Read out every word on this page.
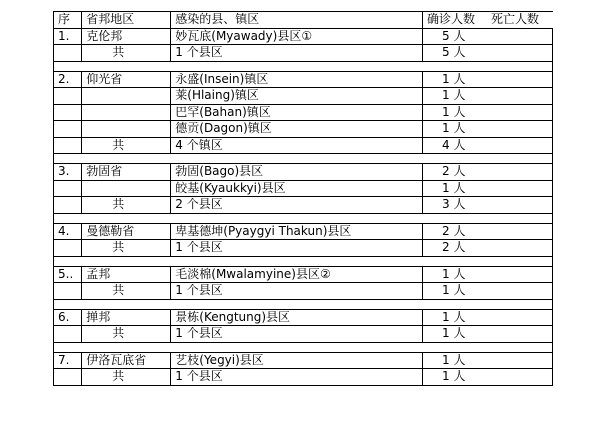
序	省邦地区	感染的县、镇区	确诊人数 死亡人数
1.	克伦邦	妙瓦底(Myawady)县区①	5 人
	共	1 个县区	5 人

2.	仰光省	永盛(Insein)镇区	1 人
		莱(Hlaing)镇区	1 人
		巴罕(Bahan)镇区	1 人
		德贡(Dagon)镇区	1 人
	共	4 个镇区	4 人

3.	勃固省	勃固(Bago)县区	2 人
		皎基(Kyaukkyi)县区	1 人
	共	2 个县区	3 人

4.	曼德勒省	卑基德坤(Pyaygyi Thakun)县区	2 人
	共	1 个县区	2 人

5..	孟邦	毛淡棉(Mwalamyine)县区②	1 人
	共	1 个县区	1 人

6.	掸邦	景栋(Kengtung)县区	1 人
	共	1 个县区	1 人

7.	伊洛瓦底省	艺枝(Yegyi)县区	1 人
	共	1 个县区	1 人
